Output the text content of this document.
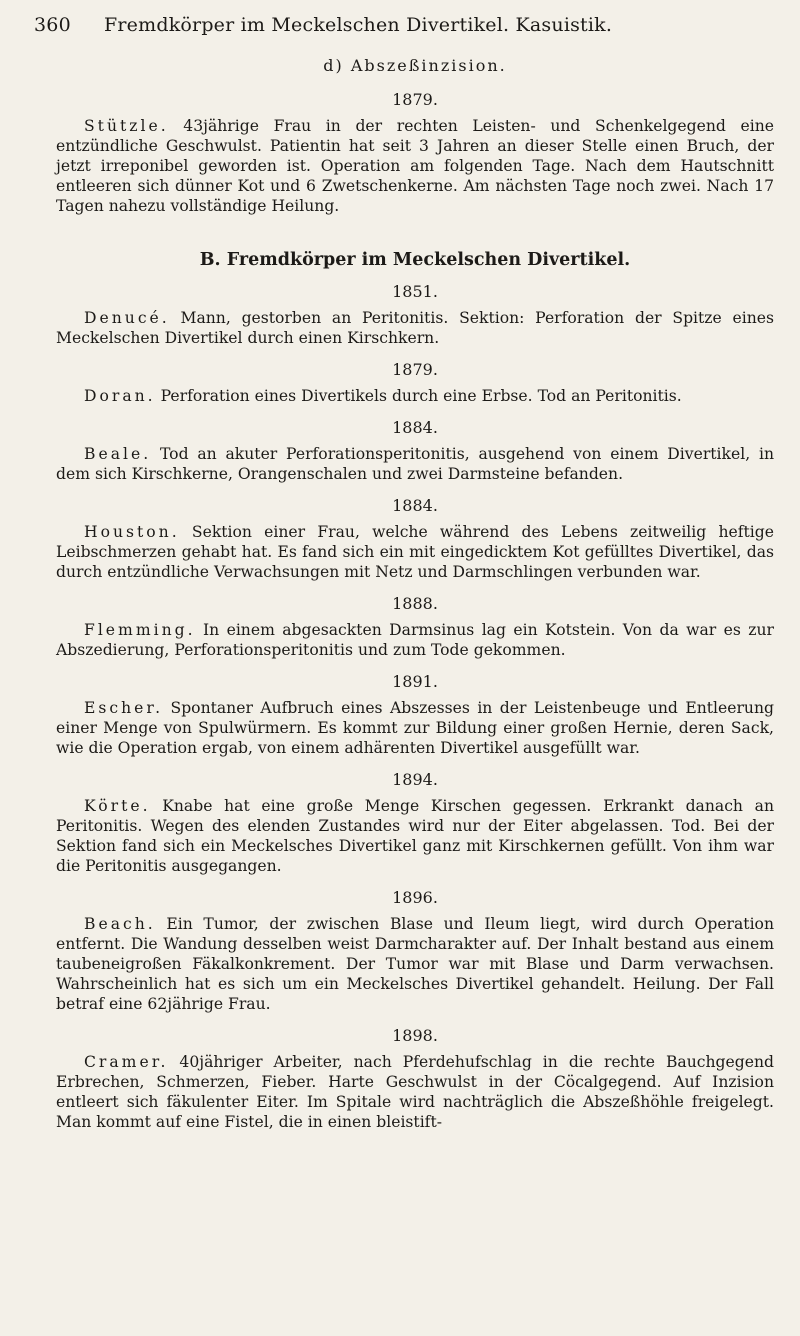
360 Fremdkörper im Meckelschen Divertikel. Kasuistik.
d) Abszeßinzision.
1879.

Stützle. 43jährige Frau in der rechten Leisten- und Schenkelgegend eine entzündliche Geschwulst. Patientin hat seit 3 Jahren an dieser Stelle einen Bruch, der jetzt irreponibel geworden ist. Operation am folgenden Tage. Nach dem Hautschnitt entleeren sich dünner Kot und 6 Zwetschenkerne. Am nächsten Tage noch zwei. Nach 17 Tagen nahezu vollständige Heilung.

B. Fremdkörper im Meckelschen Divertikel.
1851.

Denucé. Mann, gestorben an Peritonitis. Sektion: Perforation der Spitze eines Meckelschen Divertikel durch einen Kirschkern.

1879.

Doran. Perforation eines Divertikels durch eine Erbse. Tod an Peritonitis.

1884.

Beale. Tod an akuter Perforationsperitonitis, ausgehend von einem Divertikel, in dem sich Kirschkerne, Orangenschalen und zwei Darmsteine befanden.

1884.

Houston. Sektion einer Frau, welche während des Lebens zeitweilig heftige Leibschmerzen gehabt hat. Es fand sich ein mit eingedicktem Kot gefülltes Divertikel, das durch entzündliche Verwachsungen mit Netz und Darmschlingen verbunden war.

1888.

Flemming. In einem abgesackten Darmsinus lag ein Kotstein. Von da war es zur Abszedierung, Perforationsperitonitis und zum Tode gekommen.

1891.

Escher. Spontaner Aufbruch eines Abszesses in der Leistenbeuge und Entleerung einer Menge von Spulwürmern. Es kommt zur Bildung einer großen Hernie, deren Sack, wie die Operation ergab, von einem adhärenten Divertikel ausgefüllt war.

1894.

Körte. Knabe hat eine große Menge Kirschen gegessen. Erkrankt danach an Peritonitis. Wegen des elenden Zustandes wird nur der Eiter abgelassen. Tod. Bei der Sektion fand sich ein Meckelsches Divertikel ganz mit Kirschkernen gefüllt. Von ihm war die Peritonitis ausgegangen.

1896.

Beach. Ein Tumor, der zwischen Blase und Ileum liegt, wird durch Operation entfernt. Die Wandung desselben weist Darmcharakter auf. Der Inhalt bestand aus einem taubeneigroßen Fäkalkonkrement. Der Tumor war mit Blase und Darm verwachsen. Wahrscheinlich hat es sich um ein Meckelsches Divertikel gehandelt. Heilung. Der Fall betraf eine 62jährige Frau.

1898.

Cramer. 40jähriger Arbeiter, nach Pferdehufschlag in die rechte Bauchgegend Erbrechen, Schmerzen, Fieber. Harte Geschwulst in der Cöcalgegend. Auf Inzision entleert sich fäkulenter Eiter. Im Spitale wird nachträglich die Abszeßhöhle freigelegt. Man kommt auf eine Fistel, die in einen bleistift-
